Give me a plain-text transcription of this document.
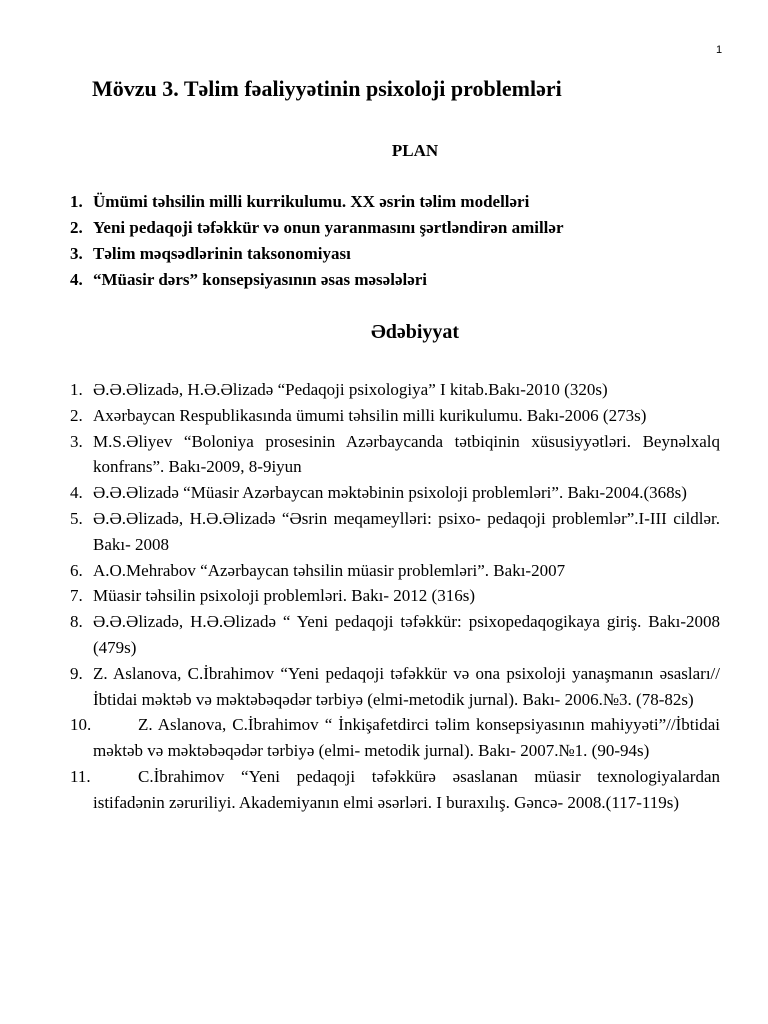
1
Mövzu 3. Təlim fəaliyyətinin psixoloji problemləri
PLAN
1. Ümümi təhsilin milli kurrikulumu. XX əsrin təlim modelləri
2. Yeni pedaqoji təfəkkür və onun yaranmasını şərtləndirən amillər
3. Təlim məqsədlərinin taksonomiyası
4. “Müasir dərs” konsepsiyasının əsas məsələləri
Ədəbiyyat
1. Ə.Ə.Əlizadə, H.Ə.Əlizadə “Pedaqoji psixologiya” I kitab.Bakı-2010 (320s)
2. Axərbaycan Respublikasında ümumi təhsilin milli kurikulumu. Bakı-2006 (273s)
3. M.S.Əliyev “Boloniya prosesinin Azərbaycanda tətbiqinin xüsusiyyətləri. Beynəlxalq konfrans”. Bakı-2009, 8-9iyun
4. Ə.Ə.Əlizadə “Müasir Azərbaycan məktəbinin psixoloji problemləri”. Bakı-2004.(368s)
5. Ə.Ə.Əlizadə, H.Ə.Əlizadə “Əsrin meqameylləri: psixo- pedaqoji problemlər”.I-III cildlər. Bakı- 2008
6. A.O.Mehrabov “Azərbaycan təhsilin müasir problemləri”. Bakı-2007
7. Müasir təhsilin psixoloji problemləri. Bakı- 2012 (316s)
8. Ə.Ə.Əlizadə, H.Ə.Əlizadə “ Yeni pedaqoji təfəkkür: psixopedaqogikaya giriş. Bakı-2008 (479s)
9. Z. Aslanova, C.İbrahimov “Yeni pedaqoji təfəkkür və ona psixoloji yanaşmanın əsasları//İbtidai məktəb və məktəbəqədər tərbiyə (elmi-metodik jurnal). Bakı- 2006.№3. (78-82s)
10.	Z. Aslanova, C.İbrahimov “ İnkişafetdirci təlim konsepsiyasının mahiyyəti”//İbtidai məktəb və məktəbəqədər tərbiyə (elmi- metodik jurnal). Bakı- 2007.№1. (90-94s)
11.	C.İbrahimov “Yeni pedaqoji təfəkkürə əsaslanan müasir texnologiyalardan istifadənin zəruriliyi. Akademiyanın elmi əsərləri. I buraxılış. Gəncə- 2008.(117-119s)
